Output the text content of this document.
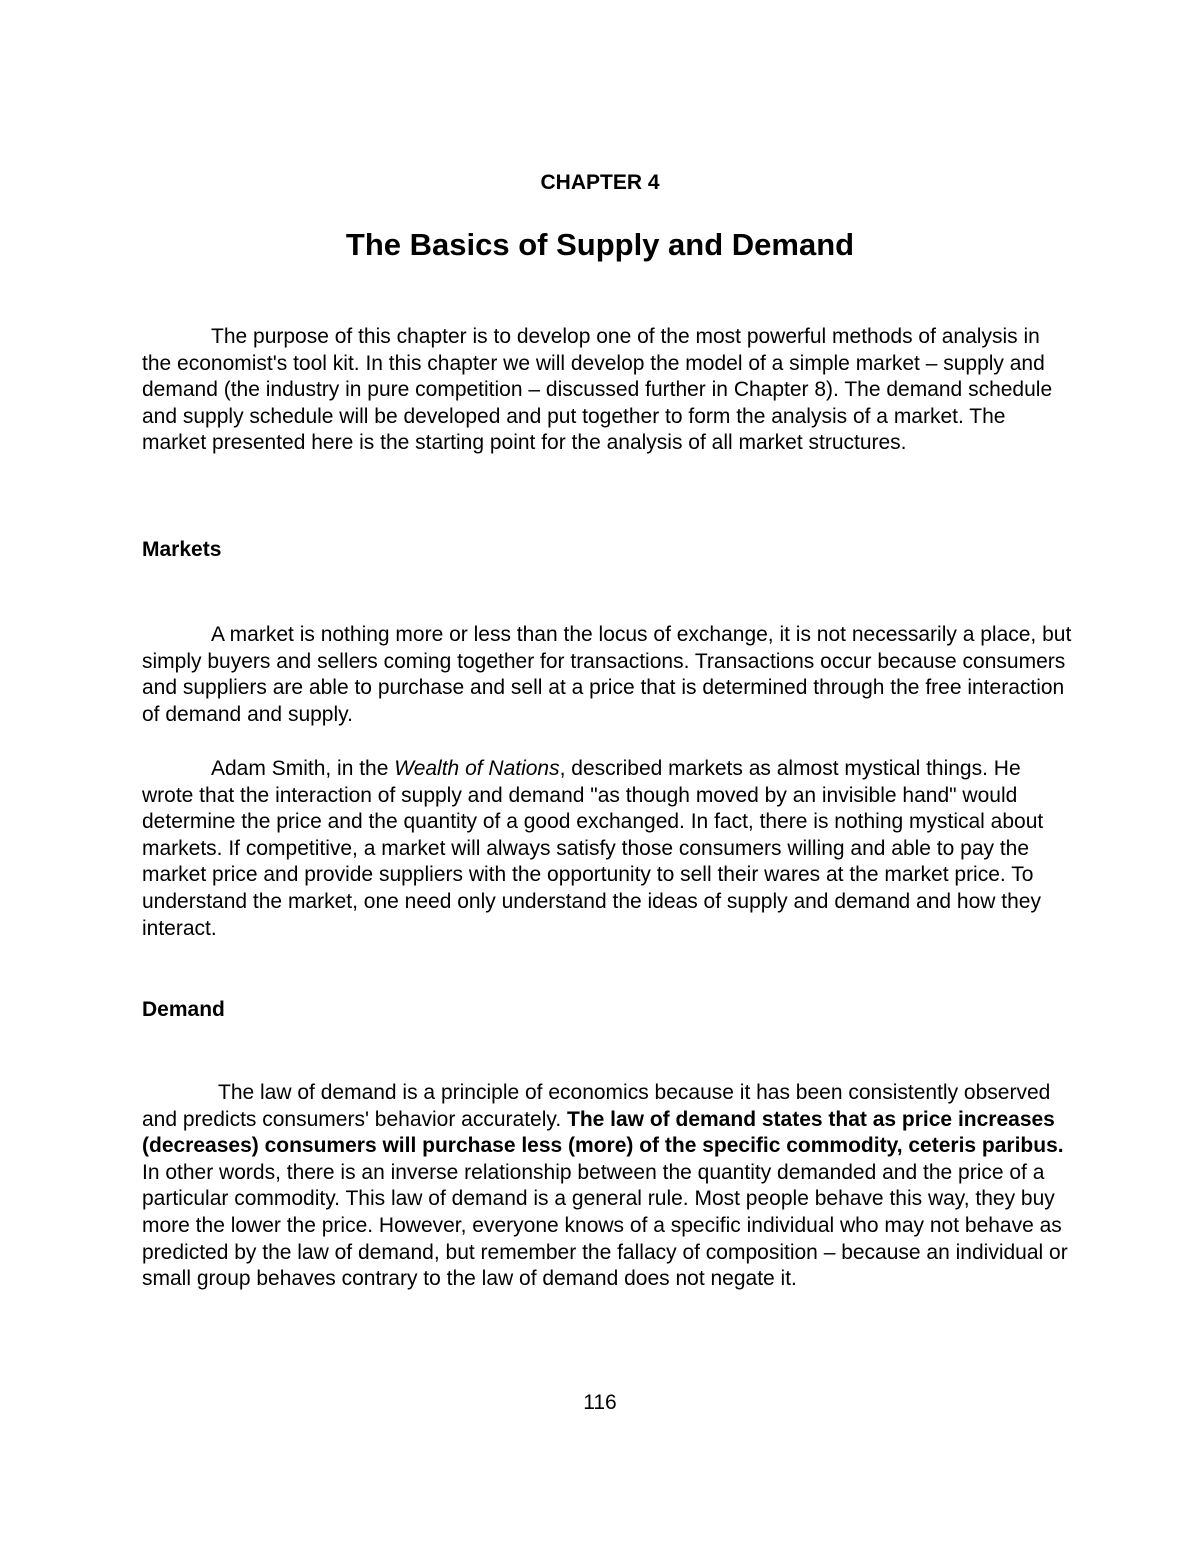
CHAPTER 4
The Basics of Supply and Demand

The purpose of this chapter is to develop one of the most powerful methods of analysis in the economist's tool kit. In this chapter we will develop the model of a simple market – supply and demand (the industry in pure competition – discussed further in Chapter 8). The demand schedule and supply schedule will be developed and put together to form the analysis of a market. The market presented here is the starting point for the analysis of all market structures.

Markets

A market is nothing more or less than the locus of exchange, it is not necessarily a place, but simply buyers and sellers coming together for transactions. Transactions occur because consumers and suppliers are able to purchase and sell at a price that is determined through the free interaction of demand and supply.

Adam Smith, in the Wealth of Nations, described markets as almost mystical things. He wrote that the interaction of supply and demand "as though moved by an invisible hand" would determine the price and the quantity of a good exchanged. In fact, there is nothing mystical about markets. If competitive, a market will always satisfy those consumers willing and able to pay the market price and provide suppliers with the opportunity to sell their wares at the market price. To understand the market, one need only understand the ideas of supply and demand and how they interact.

Demand

The law of demand is a principle of economics because it has been consistently observed and predicts consumers' behavior accurately. The law of demand states that as price increases (decreases) consumers will purchase less (more) of the specific commodity, ceteris paribus. In other words, there is an inverse relationship between the quantity demanded and the price of a particular commodity. This law of demand is a general rule. Most people behave this way, they buy more the lower the price. However, everyone knows of a specific individual who may not behave as predicted by the law of demand, but remember the fallacy of composition – because an individual or small group behaves contrary to the law of demand does not negate it.

116
